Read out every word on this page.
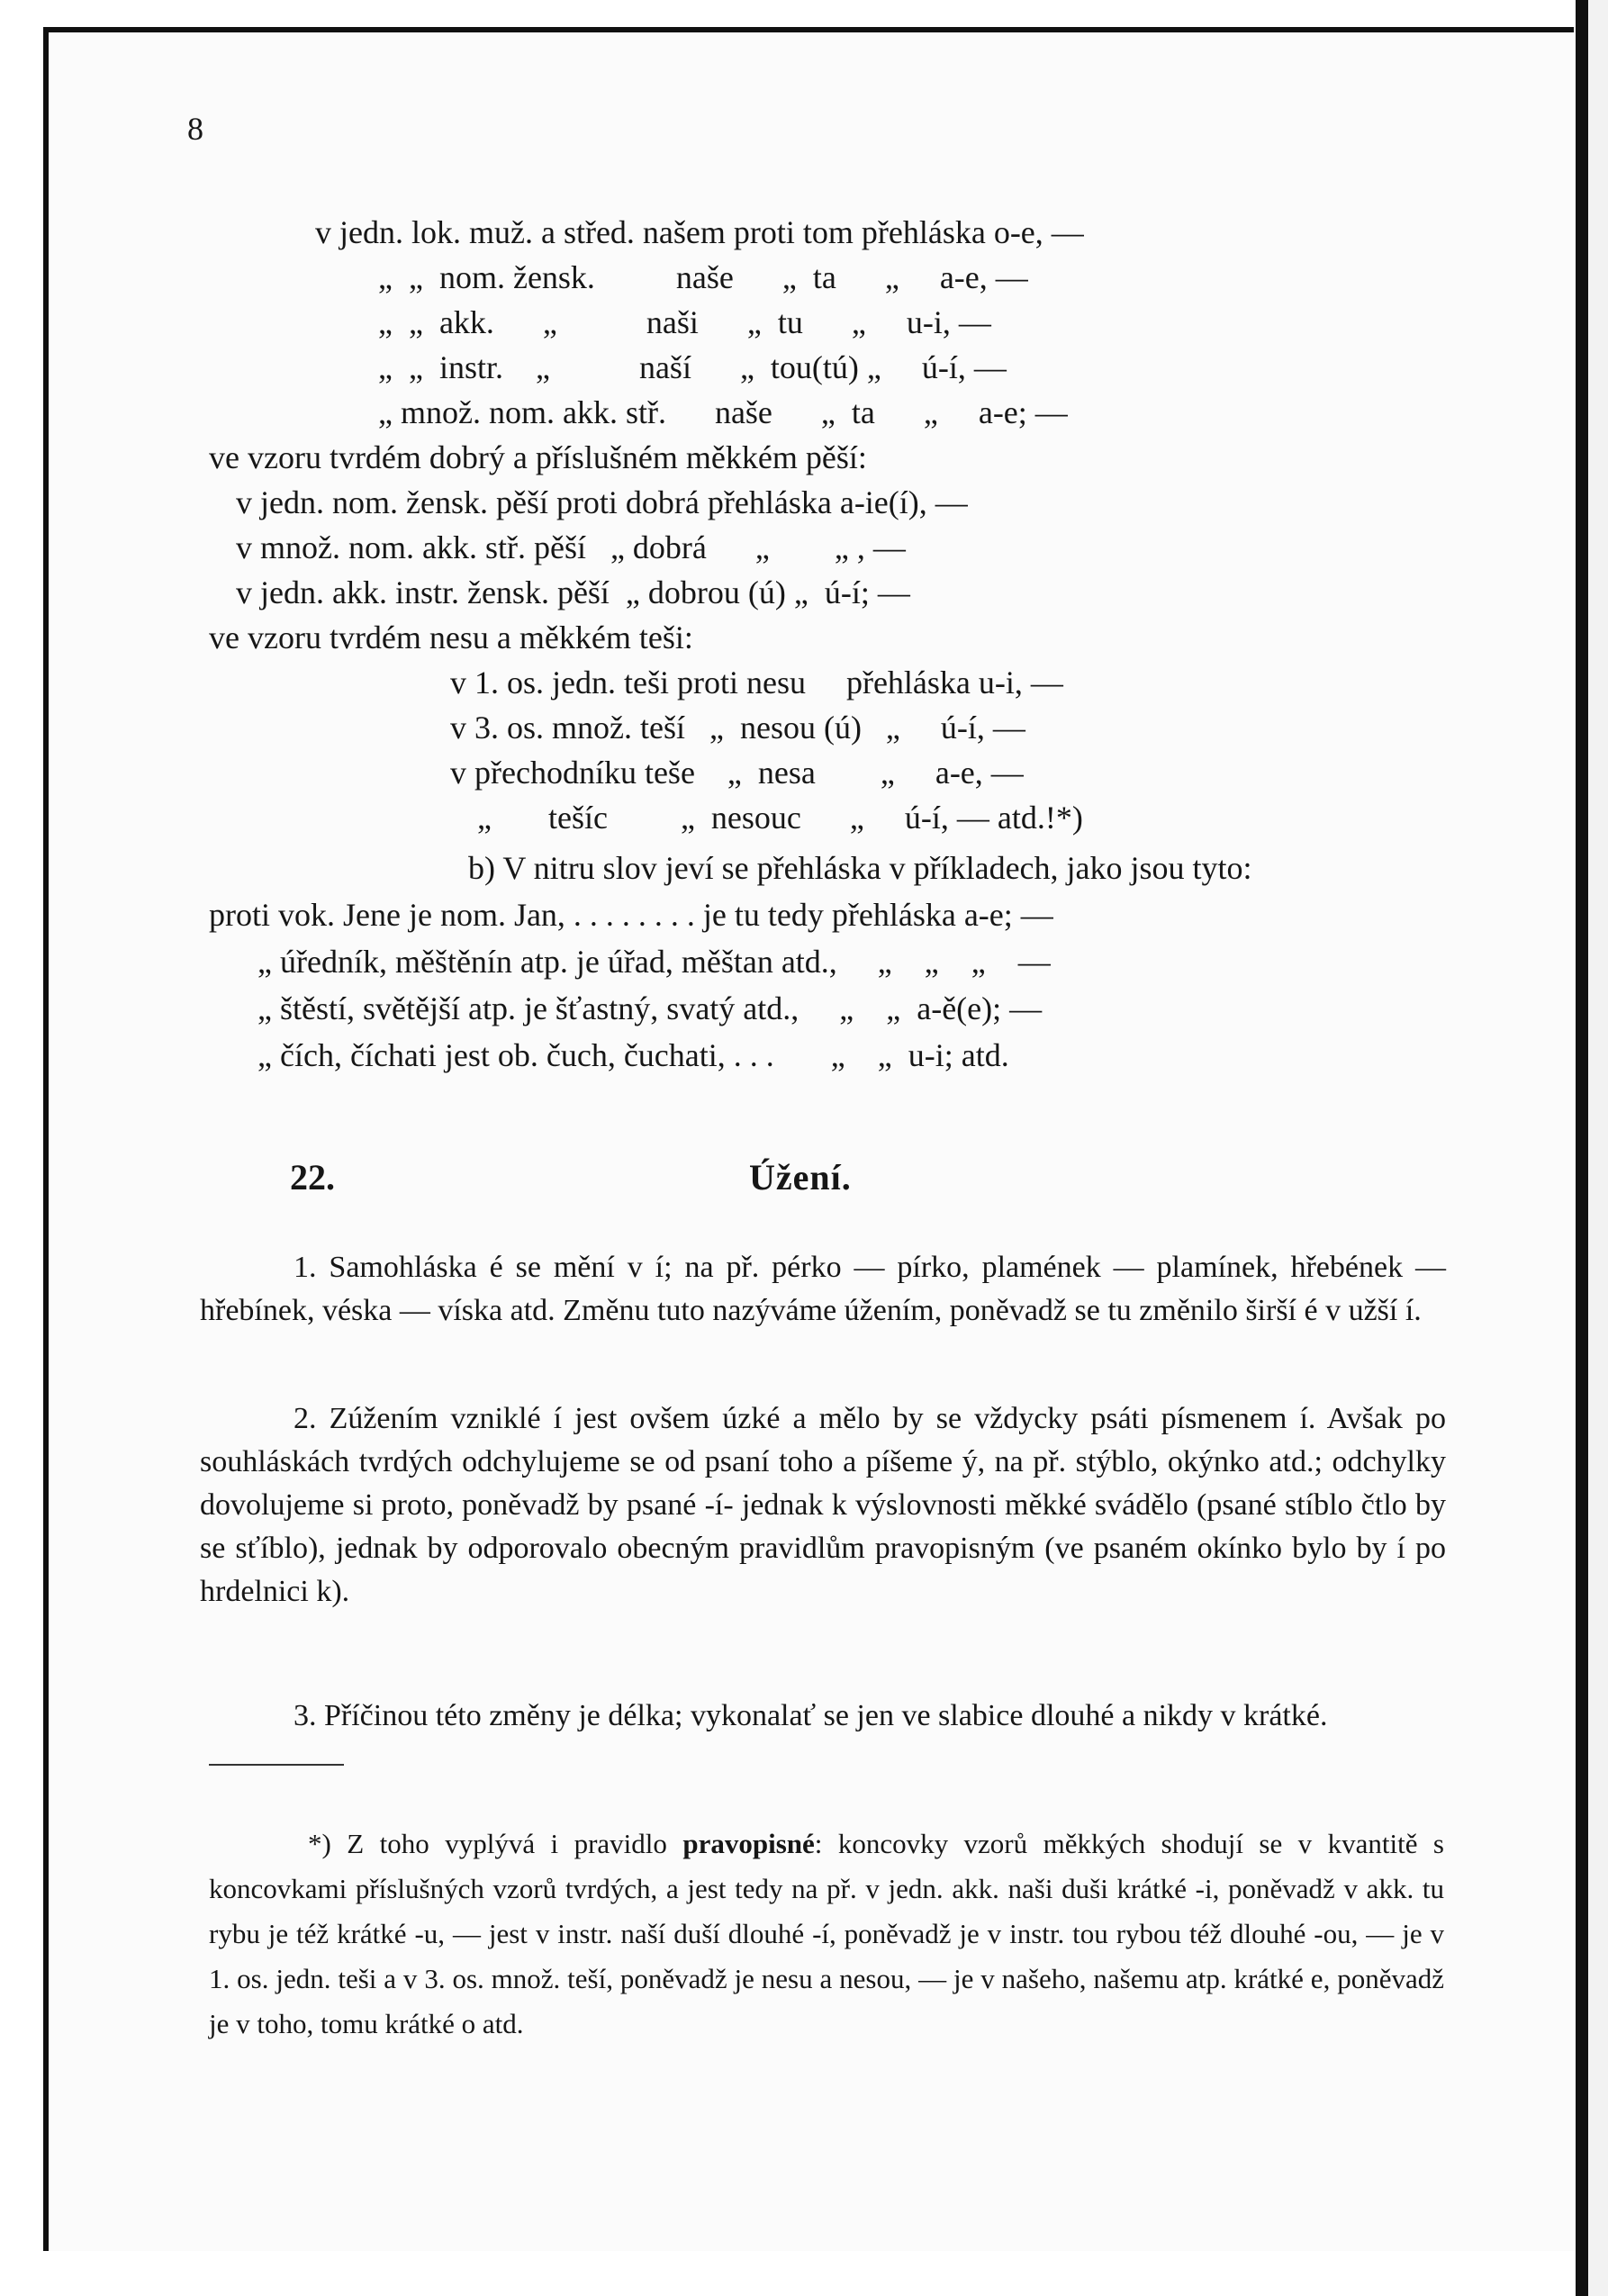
8
v jedn. lok. muž. a střed. našem proti tom přehláska o-e, —
„  „  nom. žensk.          naše      „  ta      „     a-e, —
„  „  akk.      „           naši      „  tu      „     u-i, —
„  „  instr.    „           naší      „  tou(tú) „     ú-í, —
„ množ. nom. akk. stř.      naše      „  ta      „     a-e; —
ve vzoru tvrdém dobrý a příslušném měkkém pěší:
v jedn. nom. žensk. pěší proti dobrá přehláska a-ie(í), —
v množ. nom. akk. stř. pěší   „ dobrá      „        „ , —
v jedn. akk. instr. žensk. pěší  „ dobrou (ú) „  ú-í; —
ve vzoru tvrdém nesu a měkkém teši:
v 1. os. jedn. teši proti nesu     přehláska u-i, —
v 3. os. množ. teší   „  nesou (ú)   „     ú-í, —
v přechodníku teše    „  nesa        „     a-e, —
„       tešíc         „  nesouc      „     ú-í, — atd.!*)
b) V nitru slov jeví se přehláska v příkladech, jako jsou tyto:
proti vok. Jene je nom. Jan, . . . . . . . . je tu tedy přehláska a-e; —
„ úředník, měštěnín atp. je úřad, měštan atd.,     „    „    „    —
„ štěstí, světější atp. je šťastný, svatý atd.,     „    „  a-ě(e); —
„ čích, číchati jest ob. čuch, čuchati, . . .       „    „  u-i; atd.
22.	Úžení.

1. Samohláska é se mění v í; na př. pérko — pírko, plamének — plamínek, hřebének — hřebínek, véska — víska atd. Změnu tuto nazýváme úžením, poněvadž se tu změnilo širší é v užší í.

2. Zúžením vzniklé í jest ovšem úzké a mělo by se vždycky psáti písmenem í. Avšak po souhláskách tvrdých odchylujeme se od psaní toho a píšeme ý, na př. stýblo, okýnko atd.; odchylky dovolujeme si proto, poněvadž by psané -í- jednak k výslovnosti měkké svádělo (psané stíblo čtlo by se sťíblo), jednak by odporovalo obecným pravidlům pravopisným (ve psaném okínko bylo by í po hrdelnici k).

3. Příčinou této změny je délka; vykonalať se jen ve slabice dlouhé a nikdy v krátké.

*) Z toho vyplývá i pravidlo pravopisné: koncovky vzorů měkkých shodují se v kvantitě s koncovkami příslušných vzorů tvrdých, a jest tedy na př. v jedn. akk. naši duši krátké -i, poněvadž v akk. tu rybu je též krátké -u, — jest v instr. naší duší dlouhé -í, poněvadž je v instr. tou rybou též dlouhé -ou, — je v 1. os. jedn. teši a v 3. os. množ. teší, poněvadž je nesu a nesou, — je v našeho, našemu atp. krátké e, poněvadž je v toho, tomu krátké o atd.
